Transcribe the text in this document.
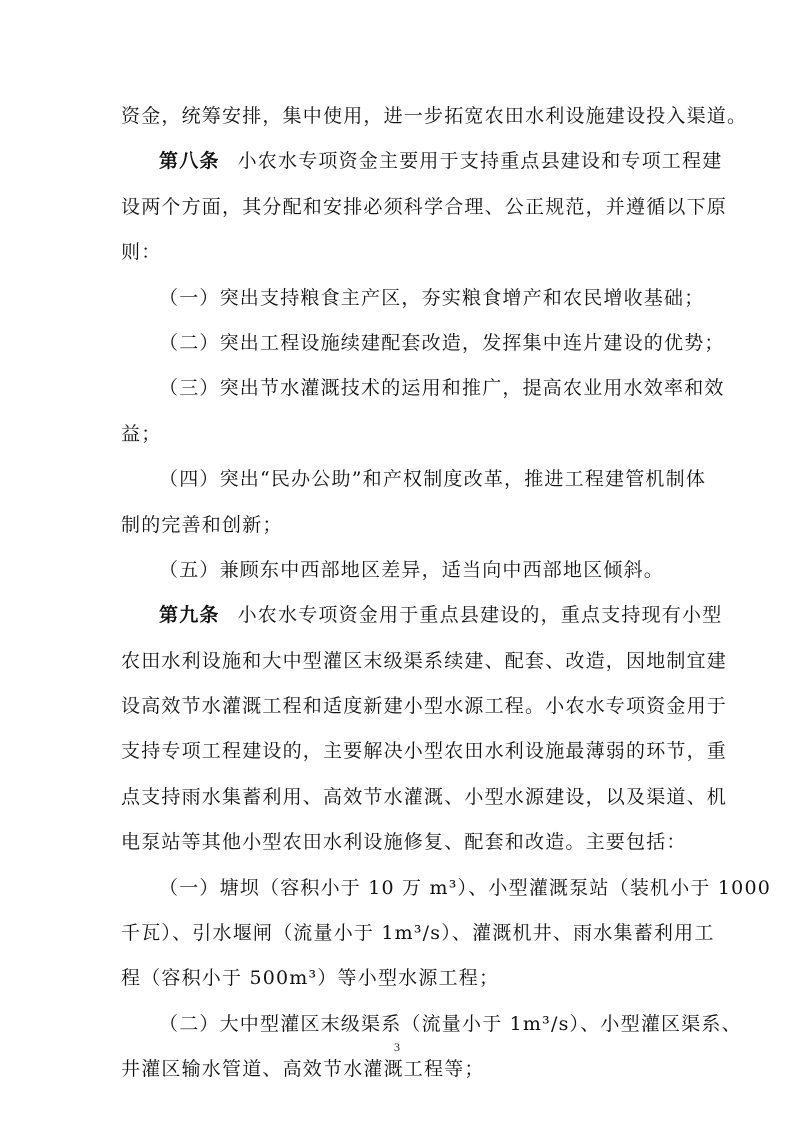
资金，统筹安排，集中使用，进一步拓宽农田水利设施建设投入渠道。
第八条 小农水专项资金主要用于支持重点县建设和专项工程建
设两个方面，其分配和安排必须科学合理、公正规范，并遵循以下原
则：
（一）突出支持粮食主产区，夯实粮食增产和农民增收基础；
（二）突出工程设施续建配套改造，发挥集中连片建设的优势；
（三）突出节水灌溉技术的运用和推广，提高农业用水效率和效
益；
（四）突出“民办公助”和产权制度改革，推进工程建管机制体
制的完善和创新；
（五）兼顾东中西部地区差异，适当向中西部地区倾斜。
第九条 小农水专项资金用于重点县建设的，重点支持现有小型
农田水利设施和大中型灌区末级渠系续建、配套、改造，因地制宜建
设高效节水灌溉工程和适度新建小型水源工程。小农水专项资金用于
支持专项工程建设的，主要解决小型农田水利设施最薄弱的环节，重
点支持雨水集蓄利用、高效节水灌溉、小型水源建设，以及渠道、机
电泵站等其他小型农田水利设施修复、配套和改造。主要包括：
（一）塘坝（容积小于 10 万 m³）、小型灌溉泵站（装机小于 1000
千瓦）、引水堰闸（流量小于 1m³/s）、灌溉机井、雨水集蓄利用工
程（容积小于 500m³）等小型水源工程；
（二）大中型灌区末级渠系（流量小于 1m³/s）、小型灌区渠系、
井灌区输水管道、高效节水灌溉工程等；
3
